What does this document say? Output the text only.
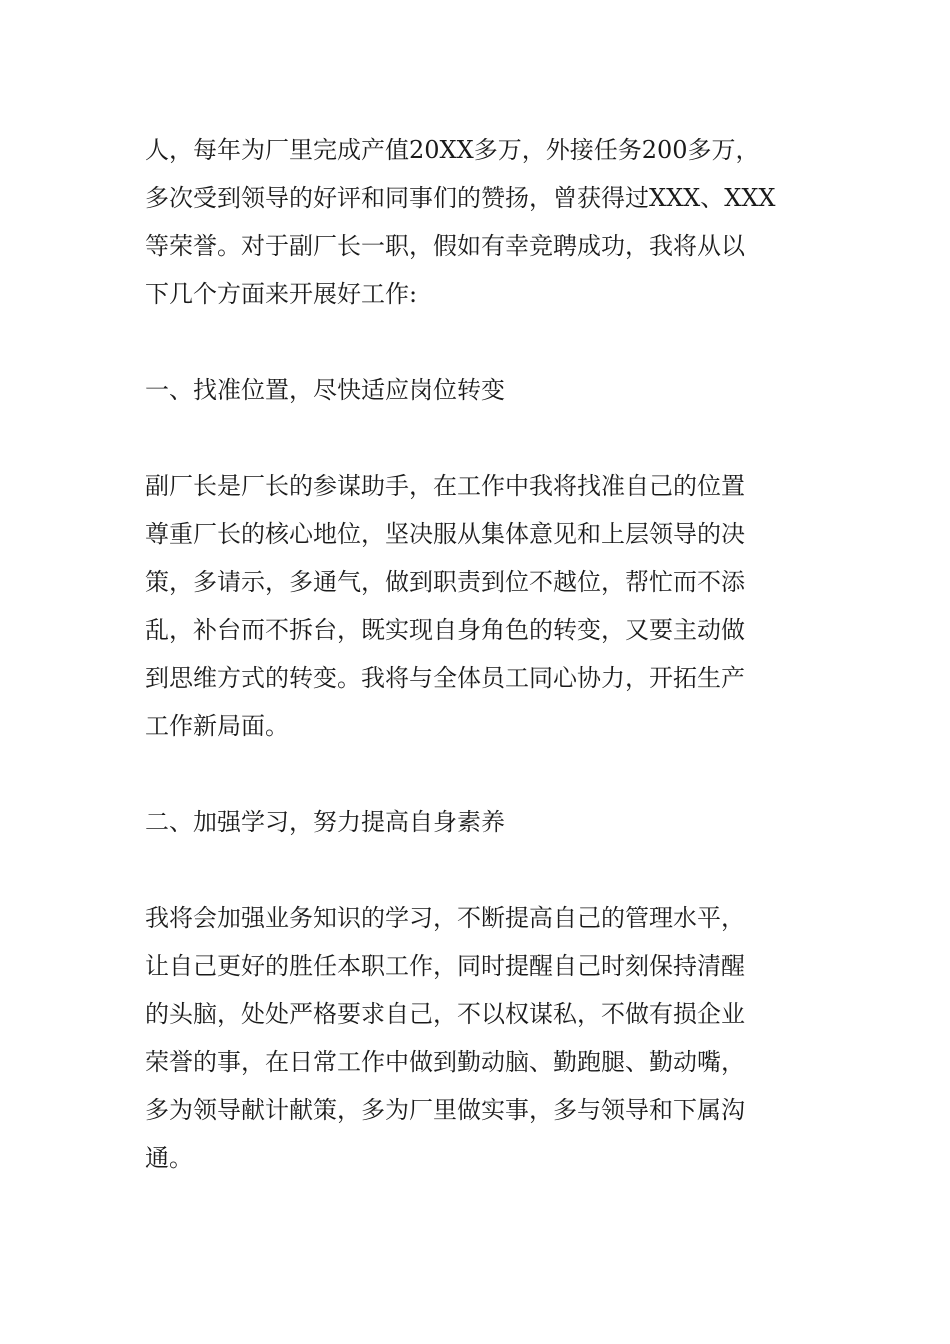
人，每年为厂里完成产值20XX多万，外接任务200多万，
多次受到领导的好评和同事们的赞扬，曾获得过XXX、XXX
等荣誉。对于副厂长一职，假如有幸竞聘成功，我将从以
下几个方面来开展好工作:
一、找准位置，尽快适应岗位转变
副厂长是厂长的参谋助手，在工作中我将找准自己的位置
尊重厂长的核心地位，坚决服从集体意见和上层领导的决
策，多请示，多通气，做到职责到位不越位，帮忙而不添
乱，补台而不拆台，既实现自身角色的转变，又要主动做
到思维方式的转变。我将与全体员工同心协力，开拓生产
工作新局面。
二、加强学习，努力提高自身素养
我将会加强业务知识的学习，不断提高自己的管理水平，
让自己更好的胜任本职工作，同时提醒自己时刻保持清醒
的头脑，处处严格要求自己，不以权谋私，不做有损企业
荣誉的事，在日常工作中做到勤动脑、勤跑腿、勤动嘴，
多为领导献计献策，多为厂里做实事，多与领导和下属沟
通。
